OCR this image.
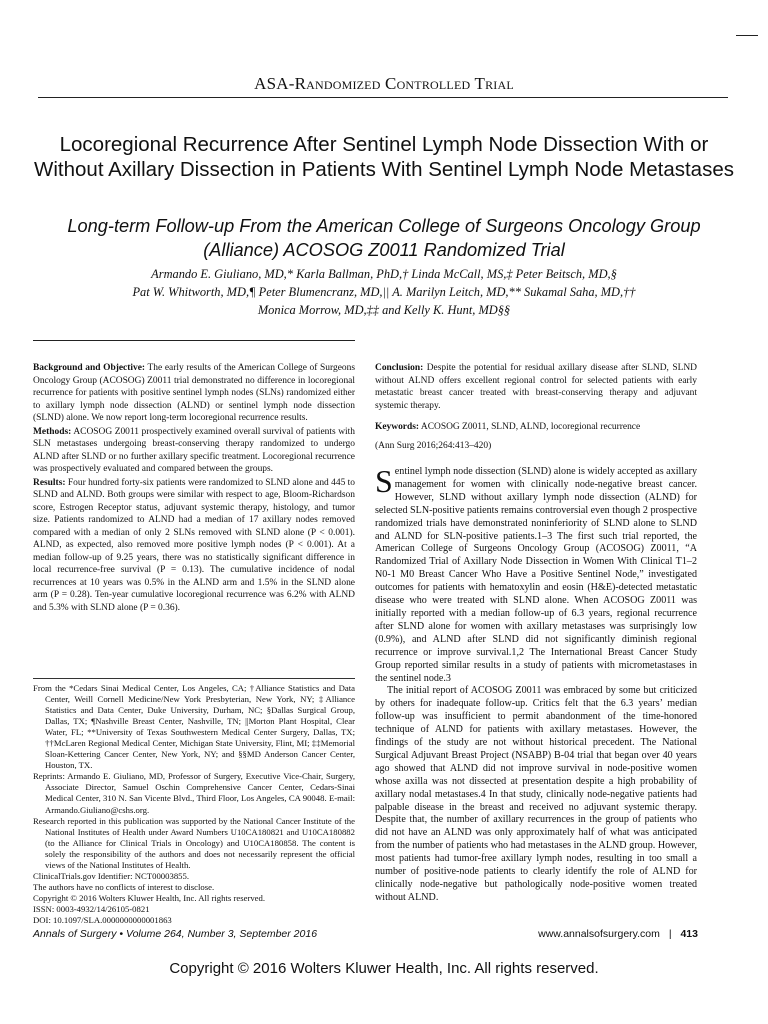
ASA-Randomized Controlled Trial
Locoregional Recurrence After Sentinel Lymph Node Dissection With or Without Axillary Dissection in Patients With Sentinel Lymph Node Metastases
Long-term Follow-up From the American College of Surgeons Oncology Group (Alliance) ACOSOG Z0011 Randomized Trial
Armando E. Giuliano, MD,* Karla Ballman, PhD,† Linda McCall, MS,‡ Peter Beitsch, MD,§
Pat W. Whitworth, MD,¶ Peter Blumencranz, MD,|| A. Marilyn Leitch, MD,** Sukamal Saha, MD,††
Monica Morrow, MD,‡‡ and Kelly K. Hunt, MD§§

Background and Objective: The early results of the American College of Surgeons Oncology Group (ACOSOG) Z0011 trial demonstrated no difference in locoregional recurrence for patients with positive sentinel lymph nodes (SLNs) randomized either to axillary lymph node dissection (ALND) or sentinel lymph node dissection (SLND) alone. We now report long-term locoregional recurrence results.

Methods: ACOSOG Z0011 prospectively examined overall survival of patients with SLN metastases undergoing breast-conserving therapy randomized to undergo ALND after SLND or no further axillary specific treatment. Locoregional recurrence was prospectively evaluated and compared between the groups.

Results: Four hundred forty-six patients were randomized to SLND alone and 445 to SLND and ALND. Both groups were similar with respect to age, Bloom-Richardson score, Estrogen Receptor status, adjuvant systemic therapy, histology, and tumor size. Patients randomized to ALND had a median of 17 axillary nodes removed compared with a median of only 2 SLNs removed with SLND alone (P < 0.001). ALND, as expected, also removed more positive lymph nodes (P < 0.001). At a median follow-up of 9.25 years, there was no statistically significant difference in local recurrence-free survival (P = 0.13). The cumulative incidence of nodal recurrences at 10 years was 0.5% in the ALND arm and 1.5% in the SLND alone arm (P = 0.28). Ten-year cumulative locoregional recurrence was 6.2% with ALND and 5.3% with SLND alone (P = 0.36).

Conclusion: Despite the potential for residual axillary disease after SLND, SLND without ALND offers excellent regional control for selected patients with early metastatic breast cancer treated with breast-conserving therapy and adjuvant systemic therapy.

Keywords: ACOSOG Z0011, SLND, ALND, locoregional recurrence

(Ann Surg 2016;264:413–420)

Sentinel lymph node dissection (SLND) alone is widely accepted as axillary management for women with clinically node-negative breast cancer. However, SLND without axillary lymph node dissection (ALND) for selected SLN-positive patients remains controversial even though 2 prospective randomized trials have demonstrated noninferiority of SLND alone to SLND and ALND for SLN-positive patients.1–3 The first such trial reported, the American College of Surgeons Oncology Group (ACOSOG) Z0011, “A Randomized Trial of Axillary Node Dissection in Women With Clinical T1–2 N0-1 M0 Breast Cancer Who Have a Positive Sentinel Node,” investigated outcomes for patients with hematoxylin and eosin (H&E)-detected metastatic disease who were treated with SLND alone. When ACOSOG Z0011 was initially reported with a median follow-up of 6.3 years, regional recurrence after SLND alone for women with axillary metastases was surprisingly low (0.9%), and ALND after SLND did not significantly diminish regional recurrence or improve survival.1,2 The International Breast Cancer Study Group reported similar results in a study of patients with micrometastases in the sentinel node.3

The initial report of ACOSOG Z0011 was embraced by some but criticized by others for inadequate follow-up. Critics felt that the 6.3 years’ median follow-up was insufficient to permit abandonment of the time-honored technique of ALND for patients with axillary metastases. However, the findings of the study are not without historical precedent. The National Surgical Adjuvant Breast Project (NSABP) B-04 trial that began over 40 years ago showed that ALND did not improve survival in node-positive women whose axilla was not dissected at presentation despite a high probability of axillary nodal metastases.4 In that study, clinically node-negative patients had palpable disease in the breast and received no adjuvant systemic therapy. Despite that, the number of axillary recurrences in the group of patients who did not have an ALND was only approximately half of what was anticipated from the number of patients who had metastases in the ALND group. However, most patients had tumor-free axillary lymph nodes, resulting in too small a number of positive-node patients to clearly identify the role of ALND for clinically node-negative but pathologically node-positive women treated without ALND.

From the *Cedars Sinai Medical Center, Los Angeles, CA; †Alliance Statistics and Data Center, Weill Cornell Medicine/New York Presbyterian, New York, NY; ‡Alliance Statistics and Data Center, Duke University, Durham, NC; §Dallas Surgical Group, Dallas, TX; ¶Nashville Breast Center, Nashville, TN; ||Morton Plant Hospital, Clear Water, FL; **University of Texas Southwestern Medical Center Surgery, Dallas, TX; ††McLaren Regional Medical Center, Michigan State University, Flint, MI; ‡‡Memorial Sloan-Kettering Cancer Center, New York, NY; and §§MD Anderson Cancer Center, Houston, TX.

Reprints: Armando E. Giuliano, MD, Professor of Surgery, Executive Vice-Chair, Surgery, Associate Director, Samuel Oschin Comprehensive Cancer Center, Cedars-Sinai Medical Center, 310 N. San Vicente Blvd., Third Floor, Los Angeles, CA 90048. E-mail: Armando.Giuliano@cshs.org.

Research reported in this publication was supported by the National Cancer Institute of the National Institutes of Health under Award Numbers U10CA180821 and U10CA180882 (to the Alliance for Clinical Trials in Oncology) and U10CA180858. The content is solely the responsibility of the authors and does not necessarily represent the official views of the National Institutes of Health.

ClinicalTrials.gov Identifier: NCT00003855.

The authors have no conflicts of interest to disclose.

Copyright © 2016 Wolters Kluwer Health, Inc. All rights reserved.

ISSN: 0003-4932/14/26105-0821

DOI: 10.1097/SLA.0000000000001863

Annals of Surgery • Volume 264, Number 3, September 2016	www.annalsofsurgery.com | 413
Copyright © 2016 Wolters Kluwer Health, Inc. All rights reserved.
